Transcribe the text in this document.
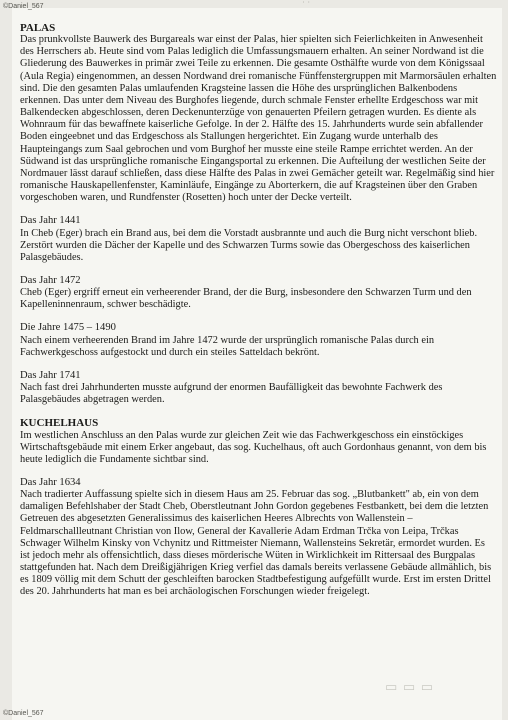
©Daniel_567
©Daniel_567
˙ ʾ
▭ ▭ ▭

PALAS

Das prunkvollste Bauwerk des Burgareals war einst der Palas, hier spielten sich Feierlichkeiten in Anwesenheit des Herrschers ab. Heute sind vom Palas lediglich die Umfassungsmauern erhalten. An seiner Nordwand ist die Gliederung des Bauwerkes in primär zwei Teile zu erkennen. Die gesamte Osthälfte wurde von dem Königssaal (Aula Regia) eingenommen, an dessen Nordwand drei romanische Fünffenstergruppen mit Marmorsäulen erhalten sind. Die den gesamten Palas umlaufenden Kragsteine lassen die Höhe des ursprünglichen Balkenbodens erkennen. Das unter dem Niveau des Burghofes liegende, durch schmale Fenster erhellte Erdgeschoss war mit Balkendecken abgeschlossen, deren Deckenunterzüge von genauerten Pfeilern getragen wurden. Es diente als Wohnraum für das bewaffnete kaiserliche Gefolge. In der 2. Hälfte des 15. Jahrhunderts wurde sein abfallender Boden eingeebnet und das Erdgeschoss als Stallungen hergerichtet. Ein Zugang wurde unterhalb des Haupteingangs zum Saal gebrochen und vom Burghof her musste eine steile Rampe errichtet werden. An der Südwand ist das ursprüngliche romanische Eingangsportal zu erkennen. Die Aufteilung der westlichen Seite der Nordmauer lässt darauf schließen, dass diese Hälfte des Palas in zwei Gemächer geteilt war. Regelmäßig sind hier romanische Hauskapellenfenster, Kaminläufe, Eingänge zu Aborterkern, die auf Kragsteinen über den Graben vorgeschoben waren, und Rundfenster (Rosetten) hoch unter der Decke verteilt.

Das Jahr 1441

In Cheb (Eger) brach ein Brand aus, bei dem die Vorstadt ausbrannte und auch die Burg nicht verschont blieb. Zerstört wurden die Dächer der Kapelle und des Schwarzen Turms sowie das Obergeschoss des kaiserlichen Palasgebäudes.

Das Jahr 1472

Cheb (Eger) ergriff erneut ein verheerender Brand, der die Burg, insbesondere den Schwarzen Turm und den Kapelleninnenraum, schwer beschädigte.

Die Jahre 1475 – 1490

Nach einem verheerenden Brand im Jahre 1472 wurde der ursprünglich romanische Palas durch ein Fachwerkgeschoss aufgestockt und durch ein steiles Satteldach bekrönt.

Das Jahr 1741

Nach fast drei Jahrhunderten musste aufgrund der enormen Baufälligkeit das bewohnte Fachwerk des Palasgebäudes abgetragen werden.

KUCHELHAUS

Im westlichen Anschluss an den Palas wurde zur gleichen Zeit wie das Fachwerkgeschoss ein einstöckiges Wirtschaftsgebäude mit einem Erker angebaut, das sog. Kuchelhaus, oft auch Gordonhaus genannt, von dem bis heute lediglich die Fundamente sichtbar sind.

Das Jahr 1634

Nach tradierter Auffassung spielte sich in diesem Haus am 25. Februar das sog. „Blutbankett" ab, ein von dem damaligen Befehlshaber der Stadt Cheb, Oberstleutnant John Gordon gegebenes Festbankett, bei dem die letzten Getreuen des abgesetzten Generalissimus des kaiserlichen Heeres Albrechts von Wallenstein – Feldmarschallleutnant Christian von Ilow, General der Kavallerie Adam Erdman Trčka von Leipa, Trčkas Schwager Wilhelm Kinsky von Vchynitz und Rittmeister Niemann, Wallensteins Sekretär, ermordet wurden. Es ist jedoch mehr als offensichtlich, dass dieses mörderische Wüten in Wirklichkeit im Rittersaal des Burgpalas stattgefunden hat. Nach dem Dreißigjährigen Krieg verfiel das damals bereits verlassene Gebäude allmählich, bis es 1809 völlig mit dem Schutt der geschleiften barocken Stadtbefestigung aufgefüllt wurde. Erst im ersten Drittel des 20. Jahrhunderts hat man es bei archäologischen Forschungen wieder freigelegt.
